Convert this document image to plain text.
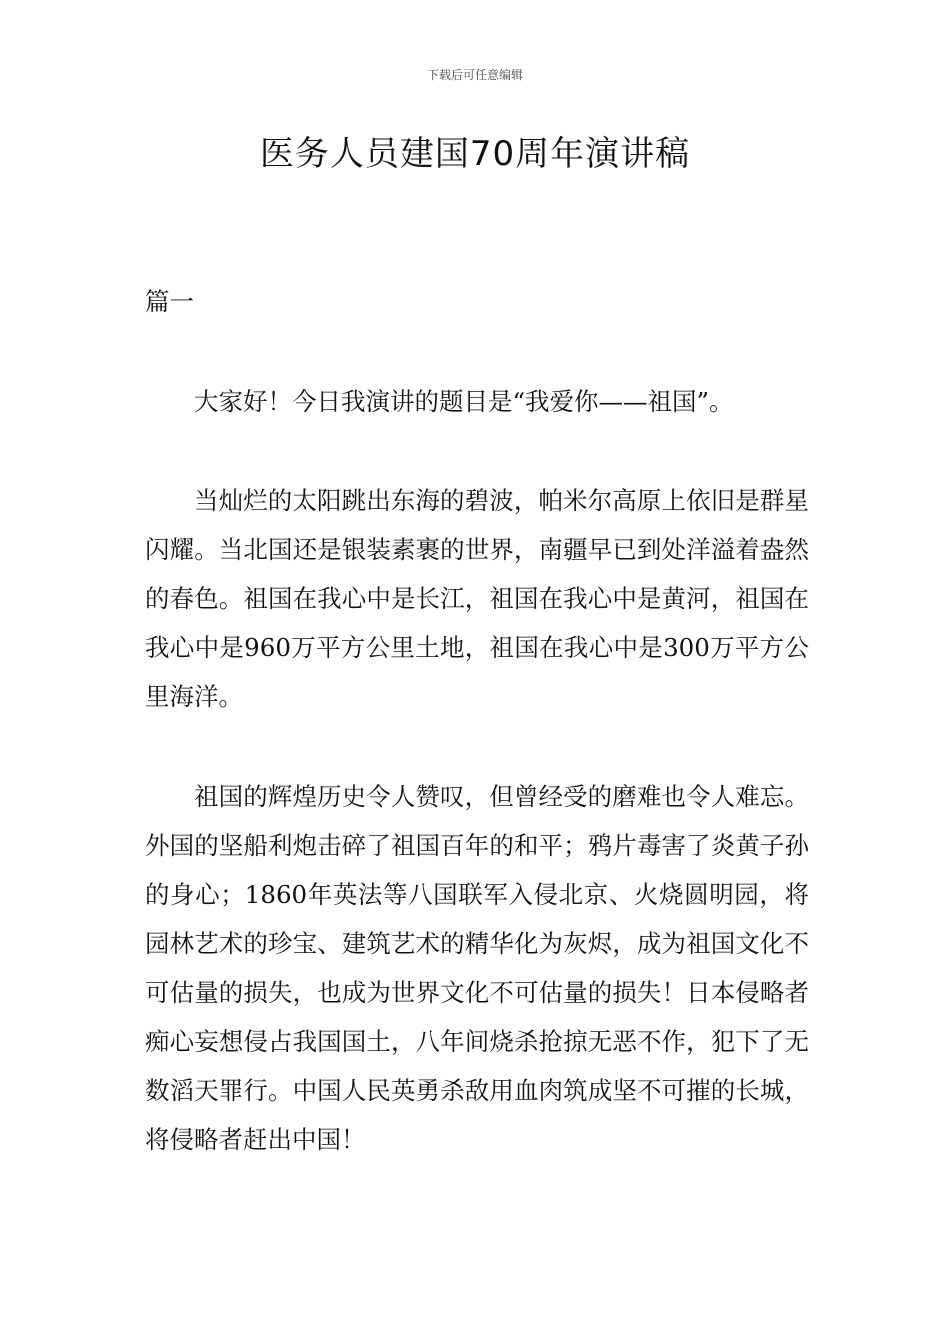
下载后可任意编辑
医务人员建国70周年演讲稿
篇一

大家好！今日我演讲的题目是“我爱你——祖国”。

当灿烂的太阳跳出东海的碧波，帕米尔高原上依旧是群星闪耀。当北国还是银装素裹的世界，南疆早已到处洋溢着盎然的春色。祖国在我心中是长江，祖国在我心中是黄河，祖国在我心中是960万平方公里土地，祖国在我心中是300万平方公里海洋。

祖国的辉煌历史令人赞叹，但曾经受的磨难也令人难忘。外国的坚船利炮击碎了祖国百年的和平；鸦片毒害了炎黄子孙的身心；1860年英法等八国联军入侵北京、火烧圆明园，将园林艺术的珍宝、建筑艺术的精华化为灰烬，成为祖国文化不可估量的损失，也成为世界文化不可估量的损失！日本侵略者痴心妄想侵占我国国土，八年间烧杀抢掠无恶不作，犯下了无数滔天罪行。中国人民英勇杀敌用血肉筑成坚不可摧的长城，将侵略者赶出中国！
